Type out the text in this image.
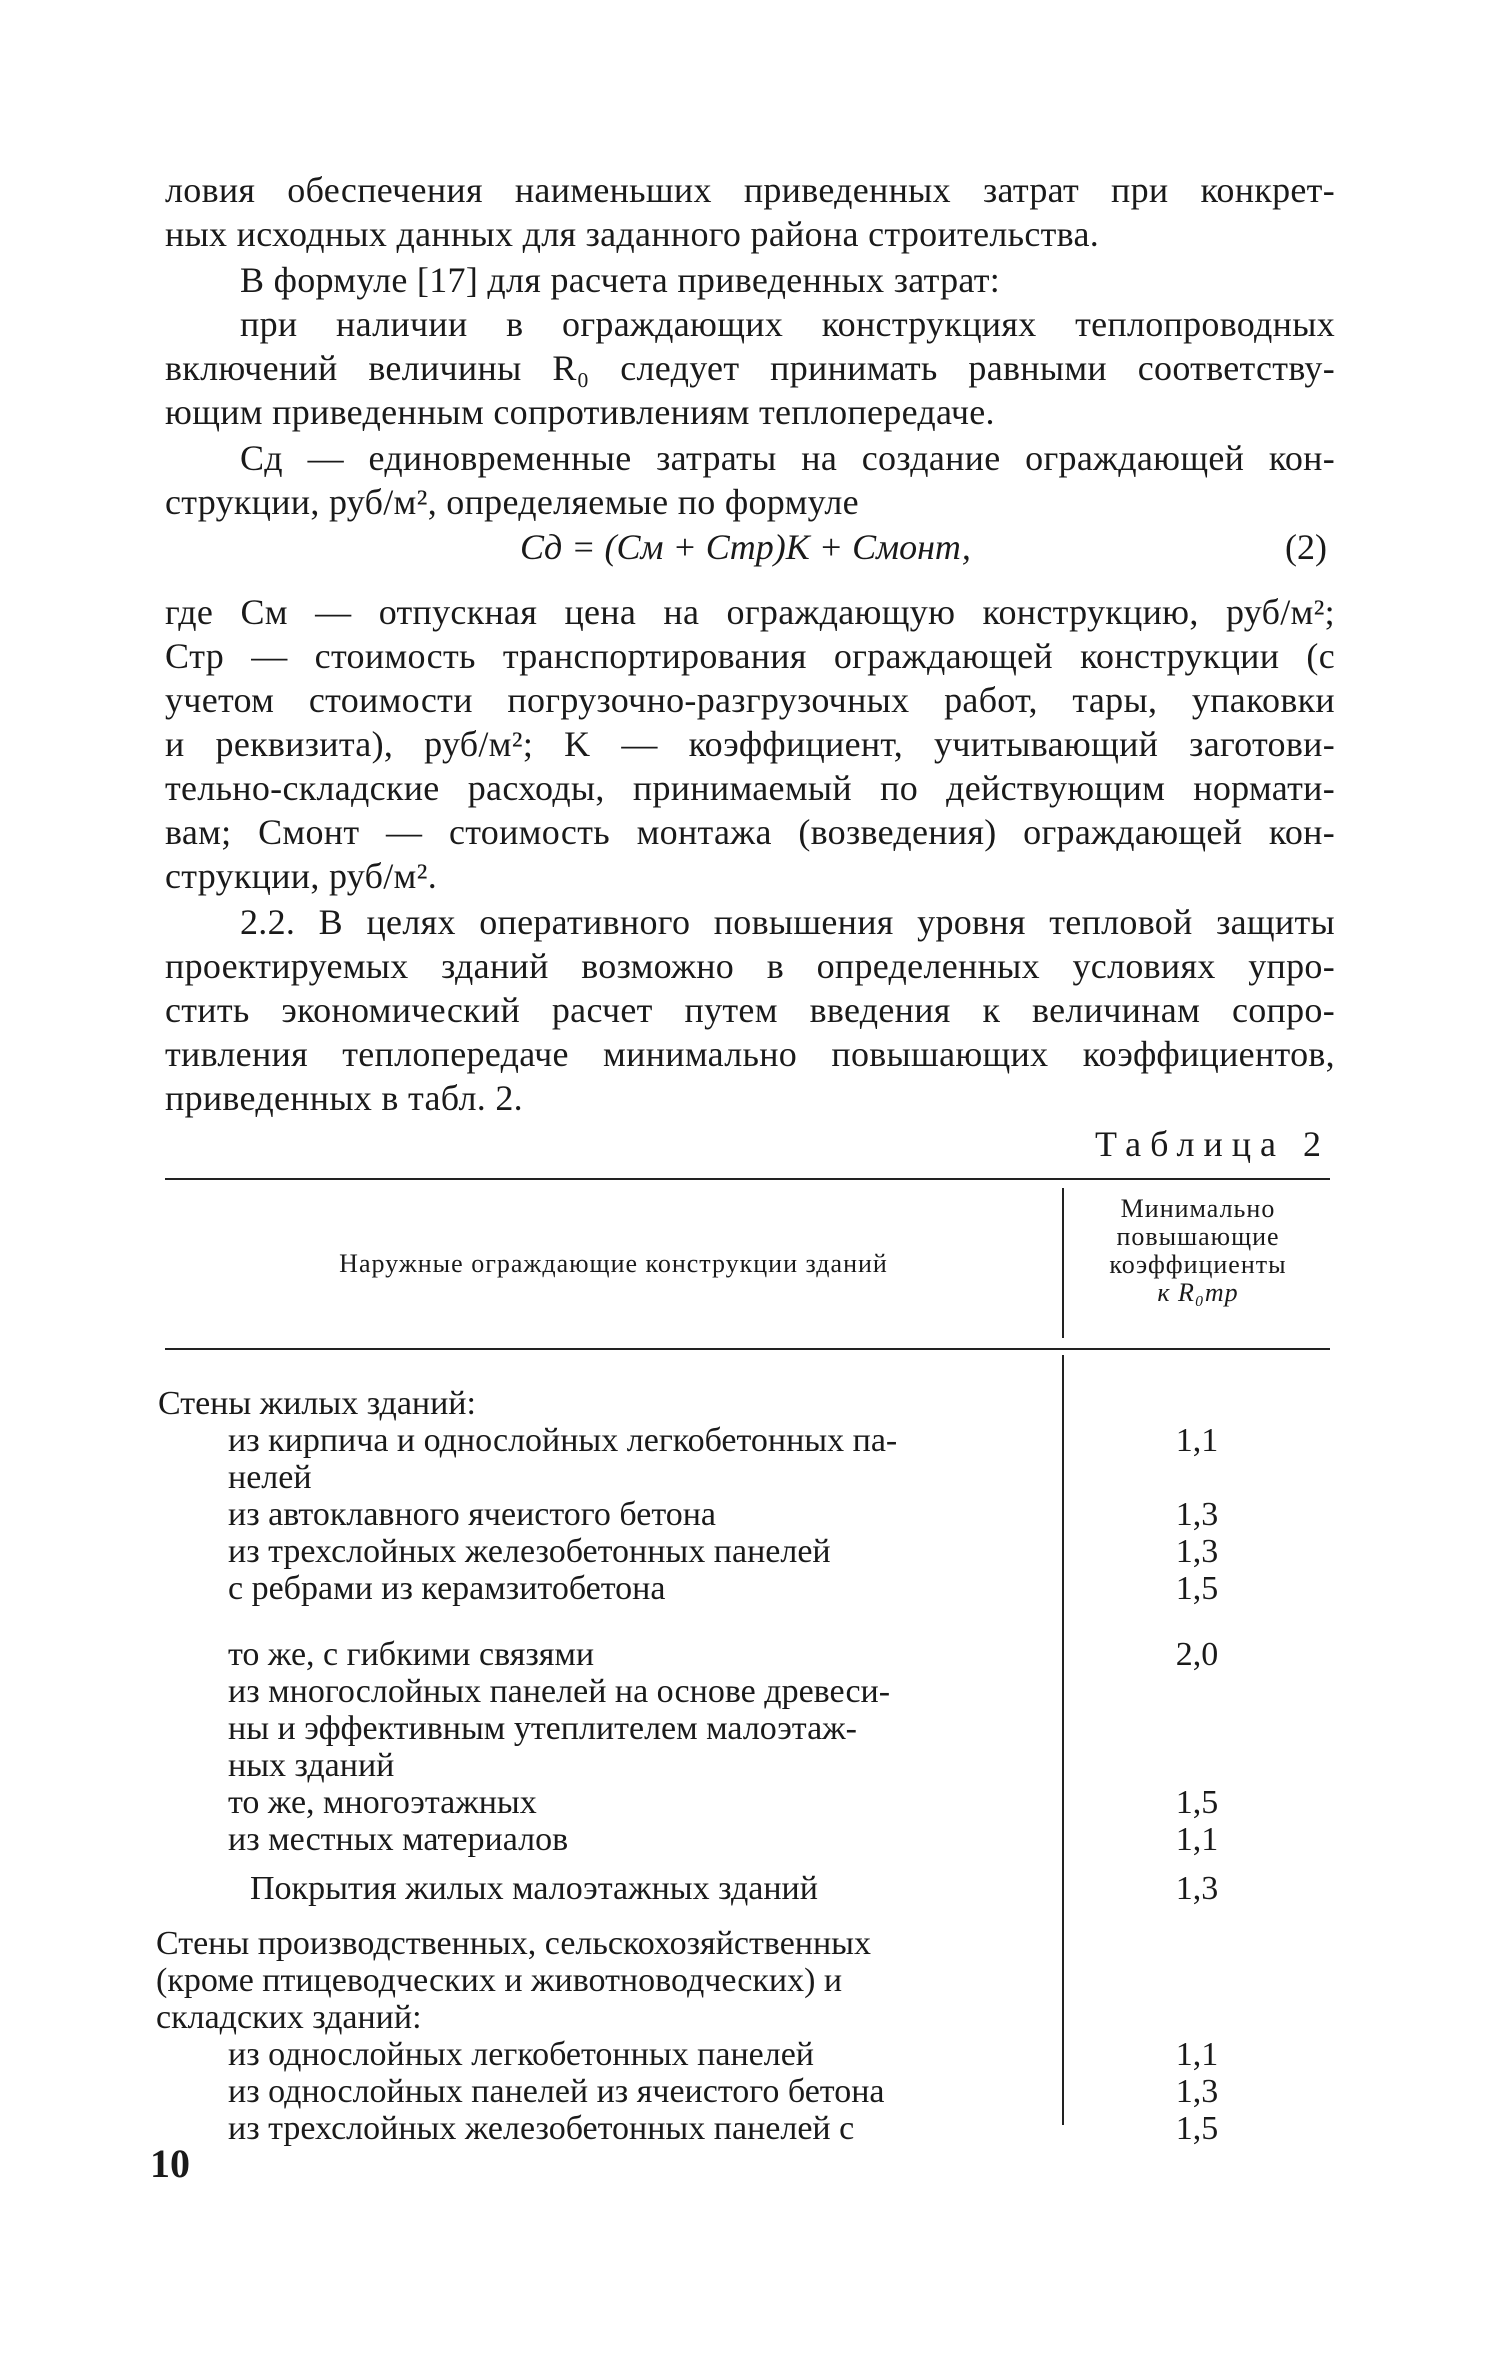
ловия обеспечения наименьших приведенных затрат при конкрет-
ных исходных данных для заданного района строительства.
В формуле [17] для расчета приведенных затрат:
при наличии в ограждающих конструкциях теплопроводных
включений величины R₀ следует принимать равными соответству-
ющим приведенным сопротивлениям теплопередаче.
Cд — единовременные затраты на создание ограждающей кон-
струкции, руб/м², определяемые по формуле
Cд = (Cм + Cтр)K + Cмонт,	(2)
где Cм — отпускная цена на ограждающую конструкцию, руб/м²;
Cтр — стоимость транспортирования ограждающей конструкции (с
учетом стоимости погрузочно-разгрузочных работ, тары, упаковки
и реквизита), руб/м²; K — коэффициент, учитывающий заготови-
тельно-складские расходы, принимаемый по действующим нормати-
вам; Cмонт — стоимость монтажа (возведения) ограждающей кон-
струкции, руб/м².
2.2. В целях оперативного повышения уровня тепловой защиты
проектируемых зданий возможно в определенных условиях упро-
стить экономический расчет путем введения к величинам сопро-
тивления теплопередаче минимально повышающих коэффициентов,
приведенных в табл. 2.
Таблица 2
Наружные ограждающие конструкции зданий
Минимально
повышающие
коэффициенты
к R₀тр
Стены жилых зданий:
из кирпича и однослойных легкобетонных па-	1,1
нелей
из автоклавного ячеистого бетона	1,3
из трехслойных железобетонных панелей	1,3
с ребрами из керамзитобетона	1,5
то же, с гибкими связями	2,0
из многослойных панелей на основе древеси-
ны и эффективным утеплителем малоэтаж-
ных зданий
то же, многоэтажных	1,5
из местных материалов	1,1
Покрытия жилых малоэтажных зданий	1,3
Стены производственных, сельскохозяйственных
(кроме птицеводческих и животноводческих) и
складских зданий:
из однослойных легкобетонных панелей	1,1
из однослойных панелей из ячеистого бетона	1,3
из трехслойных железобетонных панелей с	1,5
10
